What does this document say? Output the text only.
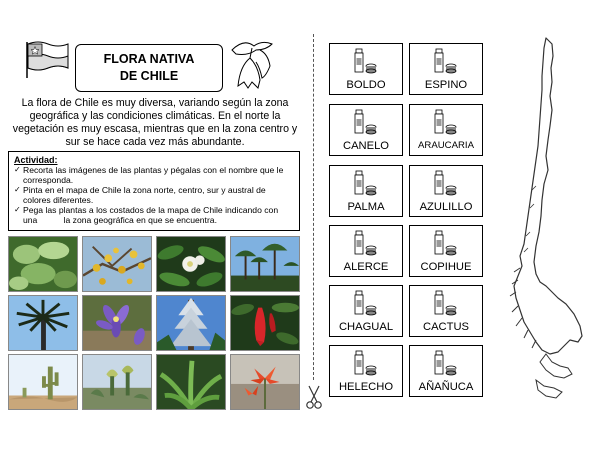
FLORA NATIVA
DE CHILE
La flora de Chile es muy diversa, variando según la zona
geográfica y las condiciones climáticas. En el norte la
vegetación es muy escasa, mientras que en la zona centro y
sur se hace cada vez más abundante.
Actividad:
✓ Recorta las imágenes de las plantas y pégalas con el nombre que le corresponda.
✓ Pinta en el mapa de Chile la zona norte, centro, sur y austral de colores diferentes.
✓ Pega las plantas a los costados de la mapa de Chile indicando con una           la zona geográfica en que se encuentra.
BOLDO	ESPINO
CANELO	ARAUCARIA
PALMA	AZULILLO
ALERCE	COPIHUE
CHAGUAL	CACTUS
HELECHO	AÑAÑUCA
